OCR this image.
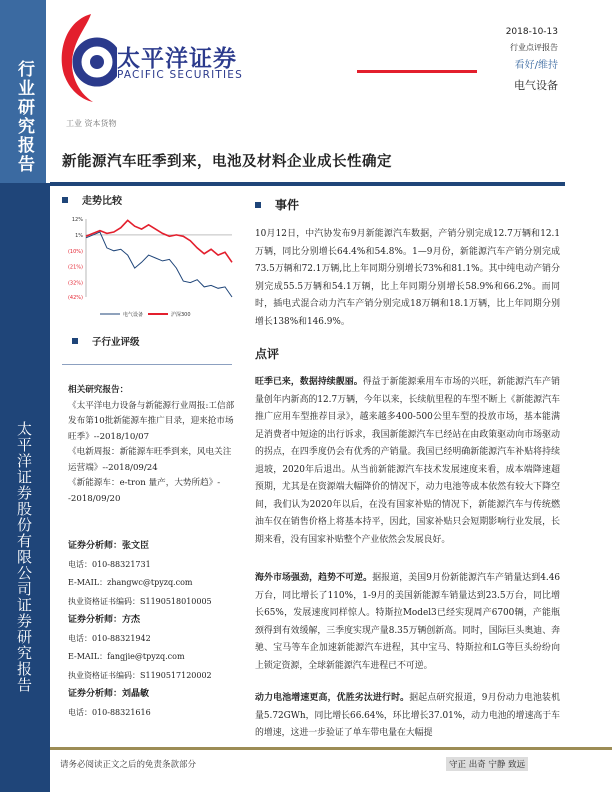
行业研究报告
太平洋证券股份有限公司证券研究报告
太平洋证券
PACIFIC SECURITIES
2018-10-13
行业点评报告
看好/维持
电气设备
工业 资本货物
新能源汽车旺季到来，电池及材料企业成长性确定
走势比较
12%
1%
(10%)
(21%)
(32%)
(42%)
电气设备	沪深300
子行业评级
相关研究报告：
《太平洋电力设备与新能源行业周报:工信部发布第10批新能源车推广目录，迎来抢市场旺季》--2018/10/07
《电新周报：新能源车旺季到来，风电关注运营端》--2018/09/24
《新能源车：e-tron 量产，大势所趋》--2018/09/20
证券分析师：张文臣
电话：010-88321731
E-MAIL：zhangwc@tpyzq.com
执业资格证书编码：S1190518010005
证券分析师：方杰
电话：010-88321942
E-MAIL：fangjie@tpyzq.com
执业资格证书编码：S1190517120002
证券分析师：刘晶敏
电话：010-88321616
事件
10月12日，中汽协发布9月新能源汽车数据，产销分别完成12.7万辆和12.1万辆，同比分别增长64.4%和54.8%。1—9月份，新能源汽车产销分别完成73.5万辆和72.1万辆,比上年同期分别增长73%和81.1%。其中纯电动产销分别完成55.5万辆和54.1万辆，比上年同期分别增长58.9%和66.2%。而同时，插电式混合动力汽车产销分别完成18万辆和18.1万辆，比上年同期分别增长138%和146.9%。
点评
旺季已来，数据持续靓丽。得益于新能源乘用车市场的兴旺，新能源汽车产销量创年内新高的12.7万辆，今年以来，长续航里程的车型不断上《新能源汽车推广应用车型推荐目录》，越来越多400-500公里车型的投放市场，基本能满足消费者中短途的出行诉求，我国新能源汽车已经站在由政策驱动向市场驱动的拐点，在四季度仍会有优秀的产销量。我国已经明确新能源汽车补贴将持续退坡，2020年后退出。从当前新能源汽车技术发展速度来看，成本端降速超预期，尤其是在资源端大幅降价的情况下，动力电池等成本依然有较大下降空间，我们认为2020年以后，在没有国家补贴的情况下，新能源汽车与传统燃油车仅在销售价格上将基本持平，因此，国家补贴只会短期影响行业发展，长期来看，没有国家补贴整个产业依然会发展良好。
海外市场强劲，趋势不可逆。据报道，美国9月份新能源汽车产销量达到4.46万台，同比增长了110%，1-9月的美国新能源车销量达到23.5万台，同比增长65%，发展速度同样惊人。特斯拉Model3已经实现周产6700辆，产能瓶颈得到有效缓解，三季度实现产量8.35万辆创新高。同时，国际巨头奥迪、奔驰、宝马等车企加速新能源汽车进程，其中宝马、特斯拉和LG等巨头纷纷向上锁定资源，全球新能源汽车进程已不可逆。
动力电池增速更高，优胜劣汰进行时。据起点研究报道，9月份动力电池装机量5.72GWh，同比增长66.64%，环比增长37.01%，动力电池的增速高于车的增速，这进一步验证了单车带电量在大幅提
请务必阅读正文之后的免责条款部分	守正 出奇 宁静 致远
